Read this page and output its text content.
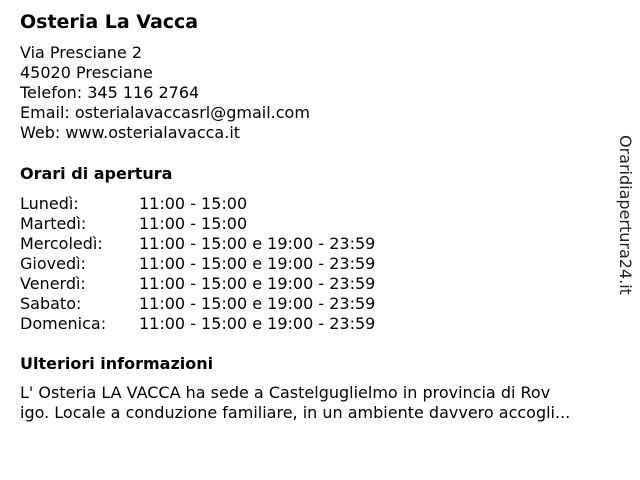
Osteria La Vacca
Via Presciane 2
45020 Presciane
Telefon: 345 116 2764
Email: osterialavaccasrl@gmail.com
Web: www.osterialavacca.it
Orari di apertura
Lunedì:	11:00 - 15:00
Martedì:	11:00 - 15:00
Mercoledì: 11:00 - 15:00 e 19:00 - 23:59
Giovedì:	11:00 - 15:00 e 19:00 - 23:59
Venerdì:	11:00 - 15:00 e 19:00 - 23:59
Sabato:	11:00 - 15:00 e 19:00 - 23:59
Domenica: 11:00 - 15:00 e 19:00 - 23:59
Ulteriori informazioni
L' Osteria LA VACCA ha sede a Castelguglielmo in provincia di Rov
igo. Locale a conduzione familiare, in un ambiente davvero accogli...
Oraridiapertura24.it
